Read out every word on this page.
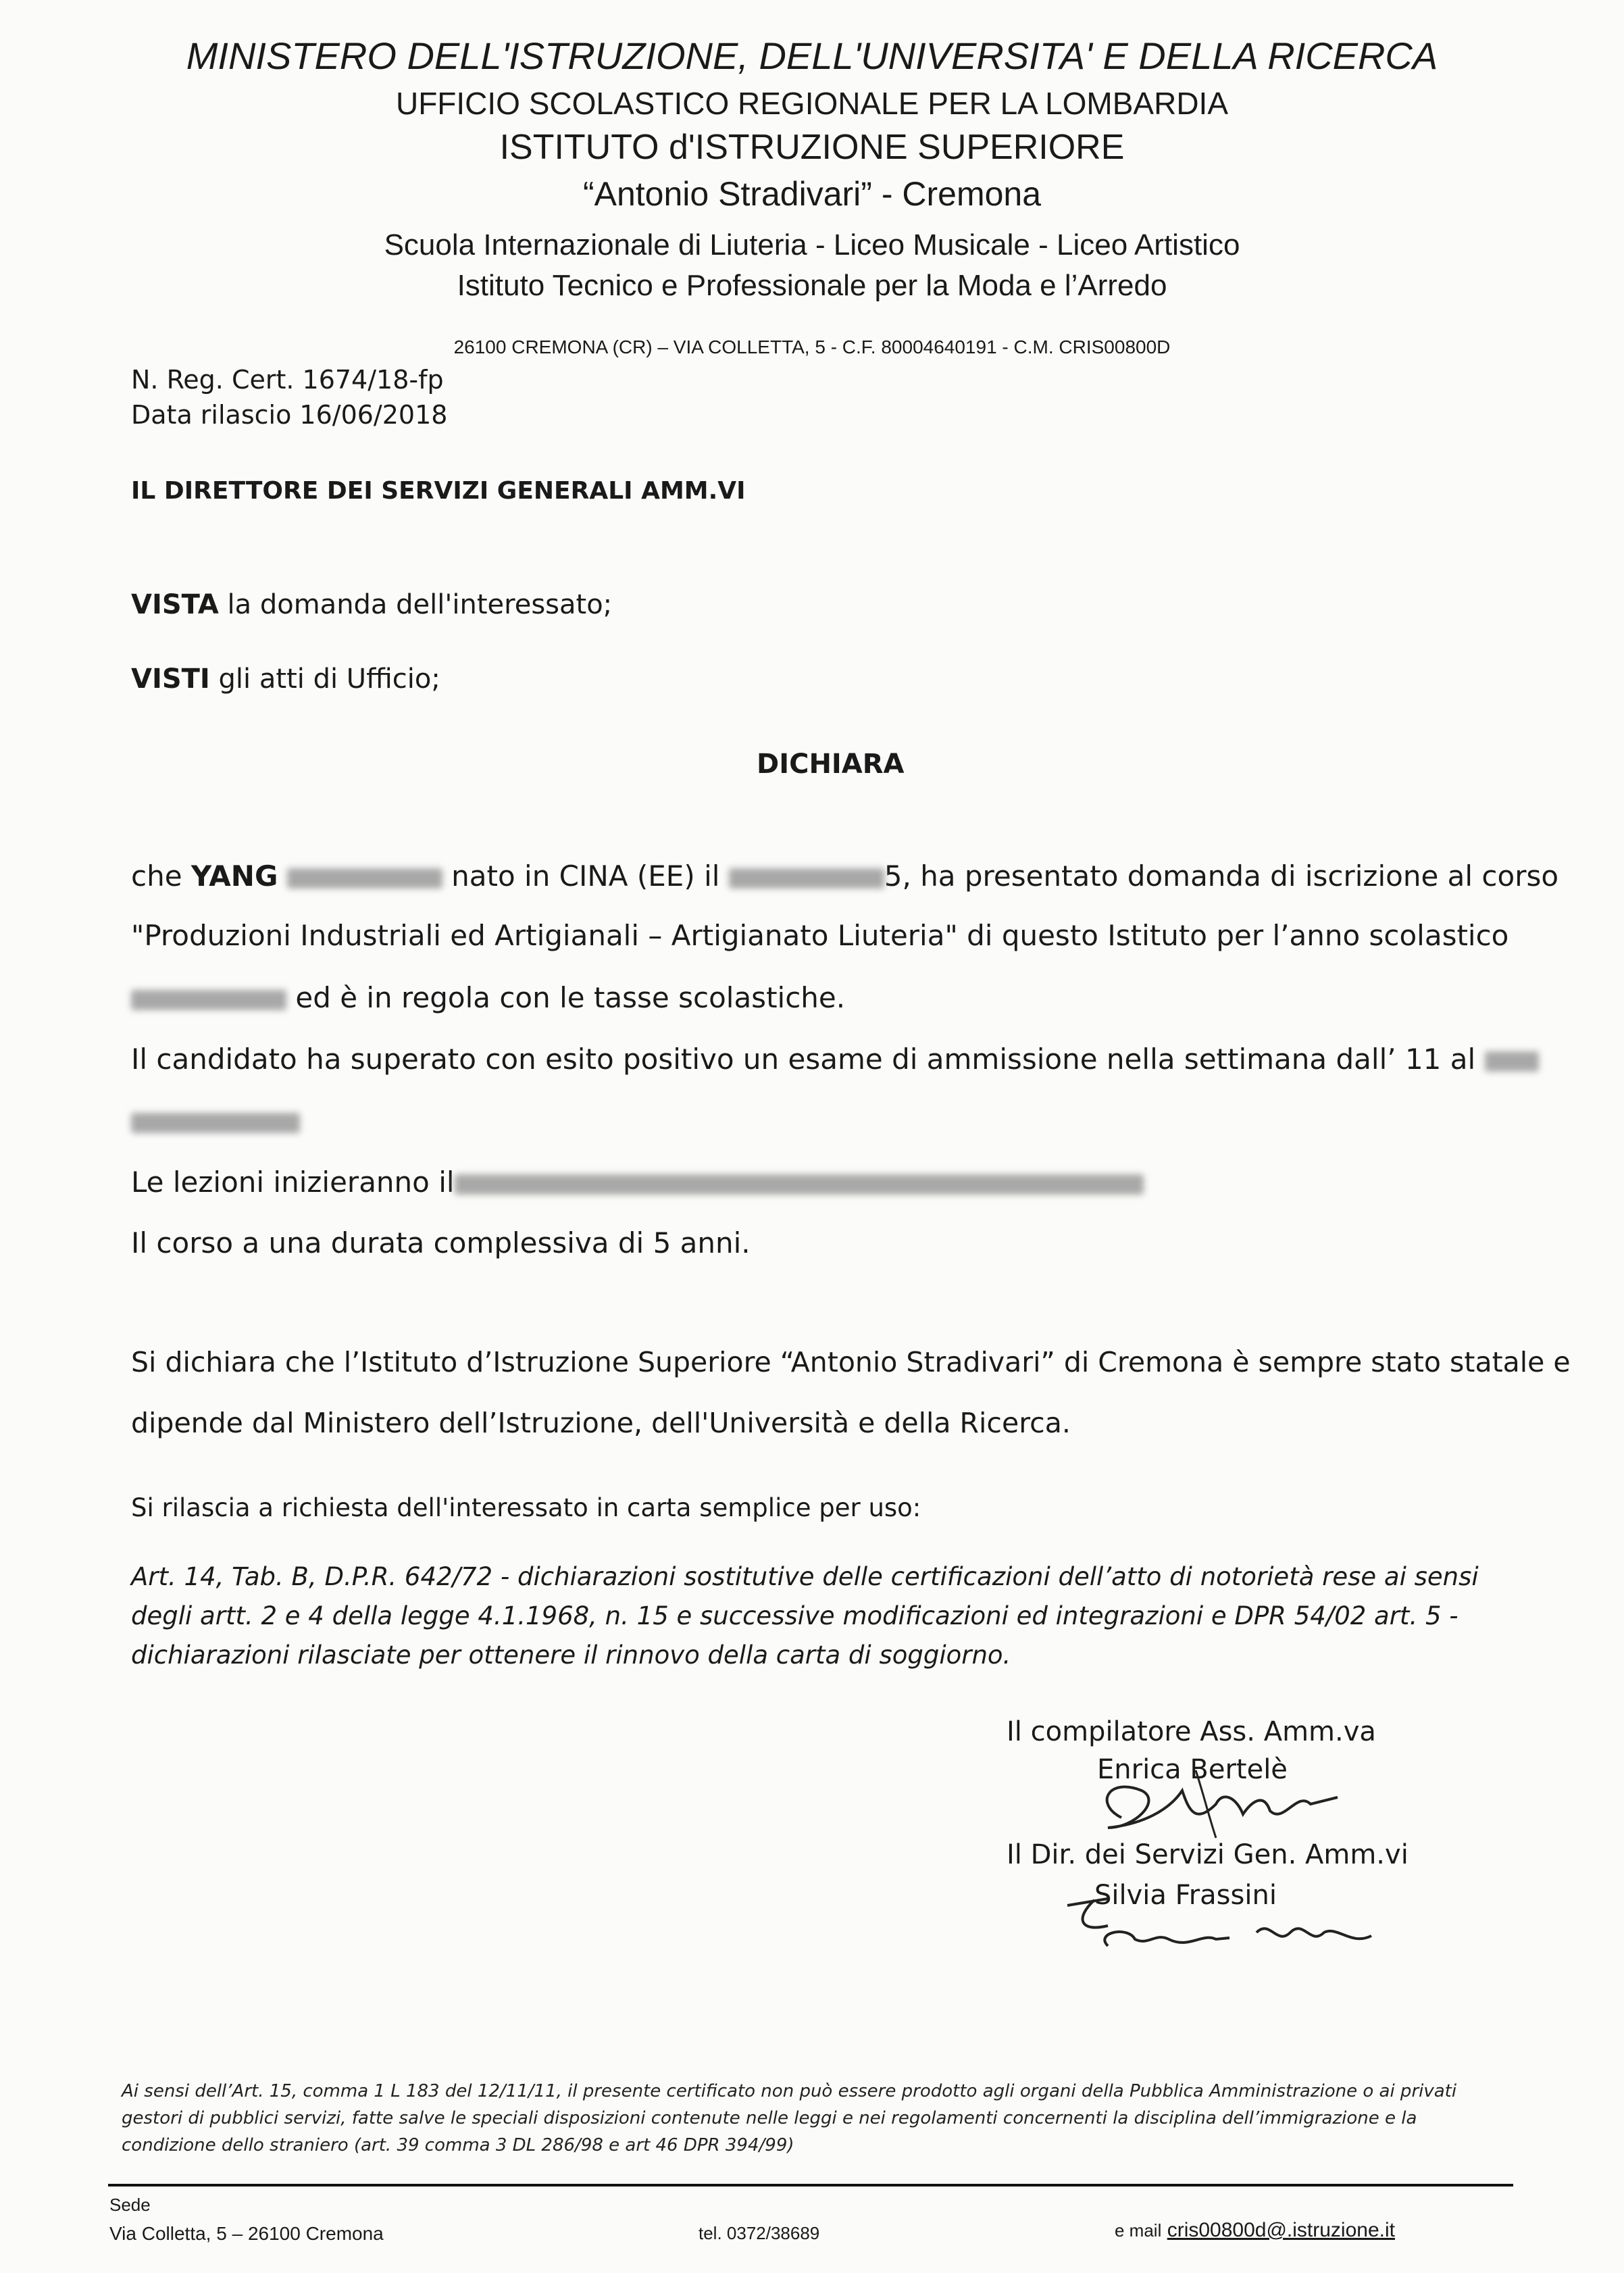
MINISTERO DELL'ISTRUZIONE, DELL'UNIVERSITA' E DELLA RICERCA
UFFICIO SCOLASTICO REGIONALE PER LA LOMBARDIA
ISTITUTO d'ISTRUZIONE SUPERIORE
“Antonio Stradivari” - Cremona
Scuola Internazionale di Liuteria - Liceo Musicale - Liceo Artistico
Istituto Tecnico e Professionale per la Moda e l’Arredo
26100 CREMONA (CR) – VIA COLLETTA, 5 - C.F. 80004640191 - C.M. CRIS00800D
N. Reg. Cert. 1674/18-fp
Data rilascio 16/06/2018
IL DIRETTORE DEI SERVIZI GENERALI AMM.VI
VISTA la domanda dell'interessato;
VISTI gli atti di Ufficio;
DICHIARA
che YANG	nato in CINA (EE) il	5, ha presentato domanda di iscrizione al corso
"Produzioni Industriali ed Artigianali – Artigianato Liuteria" di questo Istituto per l’anno scolastico
ed è in regola con le tasse scolastiche.
Il candidato ha superato con esito positivo un esame di ammissione nella settimana dall’ 11 al
Le lezioni inizieranno il
Il corso a una durata complessiva di 5 anni.
Si dichiara che l’Istituto d’Istruzione Superiore “Antonio Stradivari” di Cremona è sempre stato statale e
dipende dal Ministero dell’Istruzione, dell'Università e della Ricerca.
Si rilascia a richiesta dell'interessato in carta semplice per uso:
Art. 14, Tab. B, D.P.R. 642/72 - dichiarazioni sostitutive delle certificazioni dell’atto di notorietà rese ai sensi
degli artt. 2 e 4 della legge 4.1.1968, n. 15 e successive modificazioni ed integrazioni e DPR 54/02 art. 5 -
dichiarazioni rilasciate per ottenere il rinnovo della carta di soggiorno.
Il compilatore Ass. Amm.va
Enrica Bertelè
Il Dir. dei Servizi Gen. Amm.vi
Silvia Frassini
Ai sensi dell’Art. 15, comma 1 L 183 del 12/11/11, il presente certificato non può essere prodotto agli organi della Pubblica Amministrazione o ai privati
gestori di pubblici servizi, fatte salve le speciali disposizioni contenute nelle leggi e nei regolamenti concernenti la disciplina dell’immigrazione e la
condizione dello straniero (art. 39 comma 3 DL 286/98 e art 46 DPR 394/99)
Sede
Via Colletta, 5 – 26100 Cremona	tel. 0372/38689	e mail cris00800d@.istruzione.it
